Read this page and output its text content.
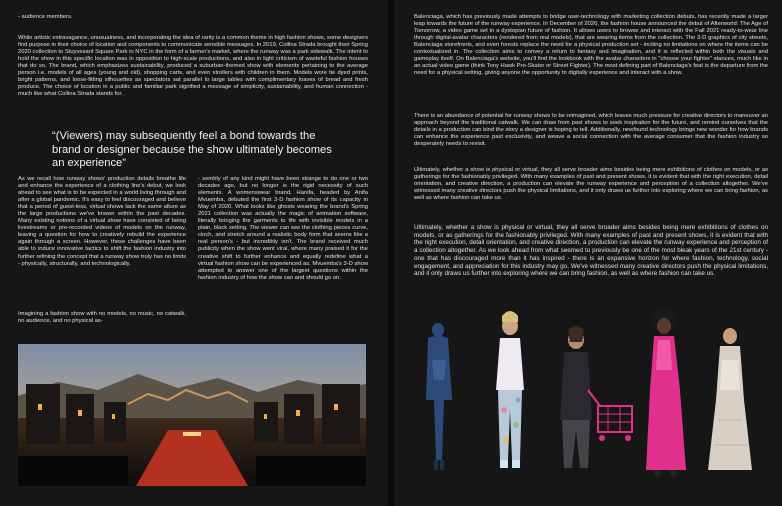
- audience members.

While artistic extravagance, unusualness, and incorporating the idea of rarity is a common theme in high fashion shows, some designers find purpose in their choice of location and components to communicate sensible messages. In 2019, Collina Strada brought their Spring 2020 collection to Stuyvesant Square Park in NYC in the form of a farmer's market, where the runway was a park sidewalk. The intent to hold the show in this specific location was in opposition to high-scale productions, and also in light criticism of wasteful fashion houses that do so. The brand, which emphasizes sustainability, produced a suburban-themed show with elements pertaining to the average person i.e. models of all ages (young and old), shopping carts, and even strollers with children in them. Models wore tie dyed prints, bright patterns, and loose-fitting silhouettes as spectators sat parallel to large tables with complimentary loaves of bread and fresh produce. The choice of location in a public and familiar park signified a message of simplicity, sustainability, and human connection - much like what Collina Strada stands for.

“(Viewers) may subsequently feel a bond towards the brand or designer because the show ultimately becomes an experience”

As we recall how runway shows' production details breathe life and enhance the experience of a clothing line's debut, we look ahead to see what is to be expected in a world living through and after a global pandemic. It's easy to feel discouraged and believe that a period of guest-less, virtual shows lack the same allure as the large productions we've known within the past decades. Many existing notions of a virtual show have consisted of being livestreams or pre-recorded videos of models on the runway, leaving a question for how to creatively rebuild the experience again through a screen. However, these challenges have been able to induce innovative tactics to shift the fashion industry into further refining the concept that a runway show truly has no limits - physically, structurally, and technologically.

Imagining a fashion show with no models, no music, no catwalk, no audience, and no physical as-

- sembly of any kind might have been strange to do one or two decades ago, but no longer is the rigid necessity of such elements. A womenswear brand, Hanifa, headed by Anifa Mvuemba, debuted the first 3-D fashion show of its capacity in May of 2020. What looks like ghosts wearing the brand's Spring 2021 collection was actually the magic of animation software, literally bringing the garments to life with invisible models in a plain, black setting. The viewer can see the clothing pieces curve, cinch, and stretch around a realistic body form that seems like a real person's - but incredibly isn't. The brand received much publicity when the show went viral, where many praised it for the creative shift to further enhance and equally redefine what a virtual fashion show can be experienced as. Mvuemba's 3-D show attempted to answer one of the largest questions within the fashion industry of how the show can and should go on.

Balenciaga, which has previously made attempts to bridge user-technology with marketing collection debuts, has recently made a larger leap towards the future of the runway experience. In December of 2020, the fashion house announced the debut of Afterworld: The Age of Tomorrow, a video game set in a dystopian future of fashion. It allows users to browse and interact with the Fall 2021 ready-to-wear line through digital-avatar characters (rendered from real models), that are wearing items from the collection. The 3-D graphics of city streets, Balenciaga storefronts, and even forests replace the need for a physical production set - inciting no limitations on where the items can be contextualized in. The collection aims to convey a return to fantasy and imagination, and it is reflected within both the visuals and gameplay itself. On Balenciaga's website, you'll find the lookbook with the avatar characters in "choose your fighter" stances, much like in an actual video game (think Tony Hawk Pro-Skater or Street Fighter). The most defining part of Balenciaga's feat is the departure from the need for a physical setting, giving anyone the opportunity to digitally experience and interact with a show.

There is an abundance of potential for runway shows to be reimagined, which leaves much pressure for creative directors to maneuver an approach beyond the traditional catwalk. We can draw from past shows to seek inspiration for the future, and remind ourselves that the details in a production can bind the story a designer is hoping to tell. Additionally, newfound technology brings new wonder for how brands can enhance the experience past exclusivity, and weave a social connection with the average consumer that the fashion industry so desperately needs to revisit.

Ultimately, whether a show is physical or virtual, they all serve broader aims besides being mere exhibitions of clothes on models, or as gatherings for the fashionably privileged. With many examples of past and present shows, it is evident that with the right execution, detail orientation, and creative direction, a production can elevate the runway experience and perception of a collection altogether. We've witnessed many creative directors push the physical limitations, and it only draws us further into exploring where we can bring fashion, as well as where fashion can take us.

Ultimately, whether a show is physical or virtual, they all serve broader aims besides being mere exhibitions of clothes on models, or as gatherings for the fashionably privileged. With many examples of past and present shows, it is evident that with the right execution, detail orientation, and creative direction, a production can elevate the runway experience and perception of a collection altogether. As we look ahead from what seemed to previously be one of the most bleak years of the 21st century - one that has discouraged more than it has inspired - there is an expansive horizon for where fashion, technology, social engagement, and appreciation for this industry may go. We've witnessed many creative directors push the physical limitations, and it only draws us further into exploring where we can bring fashion, as well as where fashion can take us.
